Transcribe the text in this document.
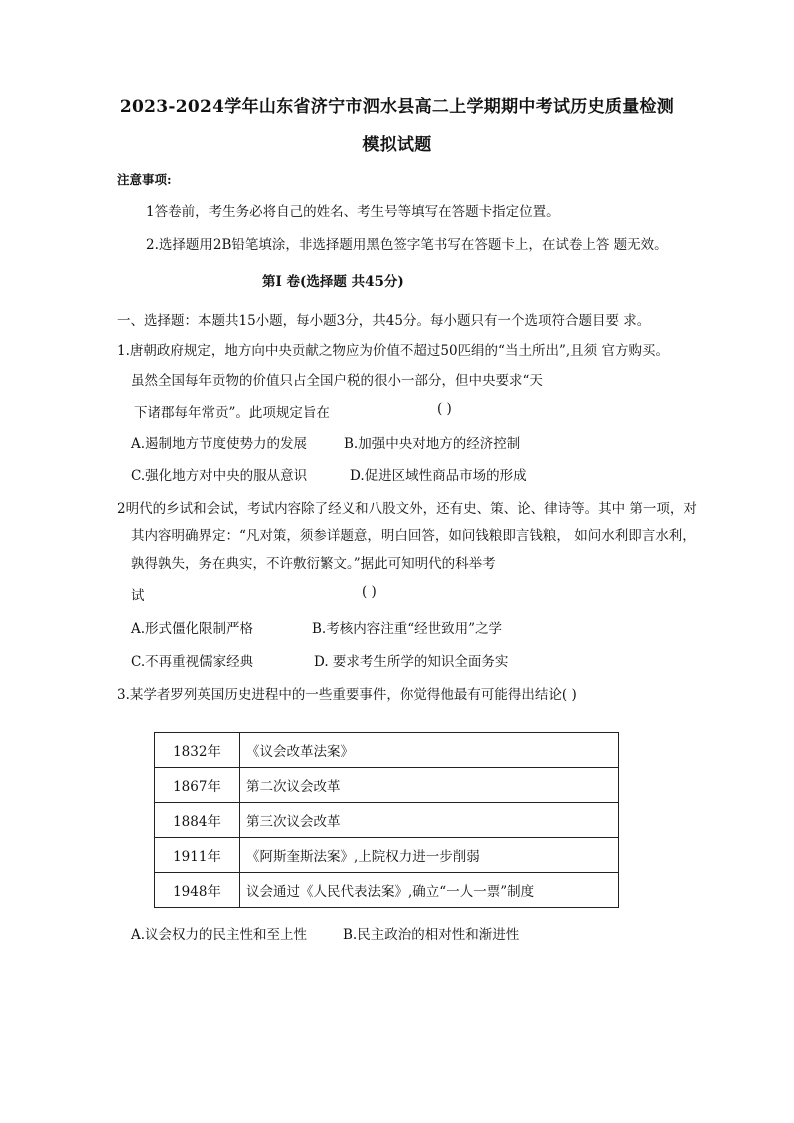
2023-2024学年山东省济宁市泗水县高二上学期期中考试历史质量检测
模拟试题
注意事项:
1答卷前，考生务必将自己的姓名、考生号等填写在答题卡指定位置。
2.选择题用2B铅笔填涂，非选择题用黑色签字笔书写在答题卡上，在试卷上答 题无效。
第I 卷(选择题 共45分)
一、选择题：本题共15小题，每小题3分，共45分。每小题只有一个选项符合题目要 求。
1.唐朝政府规定，地方向中央贡献之物应为价值不超过50匹绢的“当土所出”,且须 官方购买。
虽然全国每年贡物的价值只占全国户税的很小一部分，但中央要求“天
下诸郡每年常贡”。此项规定旨在	( )
A.遏制地方节度使势力的发展	B.加强中央对地方的经济控制
C.强化地方对中央的服从意识	D.促进区域性商品市场的形成
2明代的乡试和会试，考试内容除了经义和八股文外，还有史、策、论、律诗等。其中 第一项，对
其内容明确界定：“凡对策，须参详题意，明白回答，如问钱粮即言钱粮， 如问水利即言水利，
孰得孰失，务在典实，不许敷衍繁文。”据此可知明代的科举考
试	( )
A.形式僵化限制严格	B.考核内容注重“经世致用”之学
C.不再重视儒家经典	D. 要求考生所学的知识全面务实
3.某学者罗列英国历史进程中的一些重要事件，你觉得他最有可能得出结论( )
1832年	《议会改革法案》
1867年	第二次议会改革
1884年	第三次议会改革
1911年	《阿斯奎斯法案》,上院权力进一步削弱
1948年	议会通过《人民代表法案》,确立“一人一票”制度
A.议会权力的民主性和至上性	B.民主政治的相对性和渐进性
